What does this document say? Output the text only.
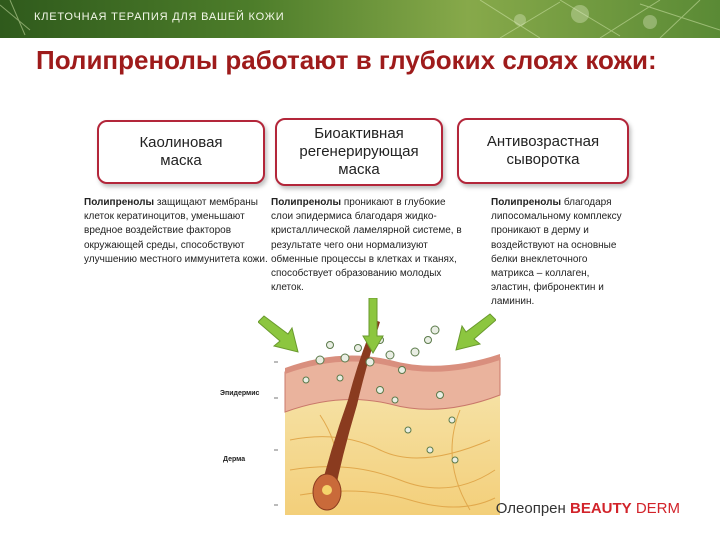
КЛЕТОЧНАЯ ТЕРАПИЯ ДЛЯ ВАШЕЙ КОЖИ
Полипренолы работают в глубоких слоях кожи:
Каолиновая маска
Биоактивная регенерирующая маска
Антивозрастная сыворотка
Полипренолы защищают мембраны клеток кератиноцитов, уменьшают вредное воздействие факторов окружающей среды, способствуют улучшению местного иммунитета кожи.
Полипренолы проникают в глубокие слои эпидермиса благодаря жидко-кристаллической ламелярной системе, в результате чего они нормализуют обменные процессы в клетках и тканях, способствует образованию молодых клеток.
Полипренолы благодаря липосомальному комплексу проникают в дерму и воздействуют на основные белки внеклеточного матрикса – коллаген, эластин, фибронектин и ламинин.
Эпидермис
Дерма
Олеопрен BEAUTY DERM
